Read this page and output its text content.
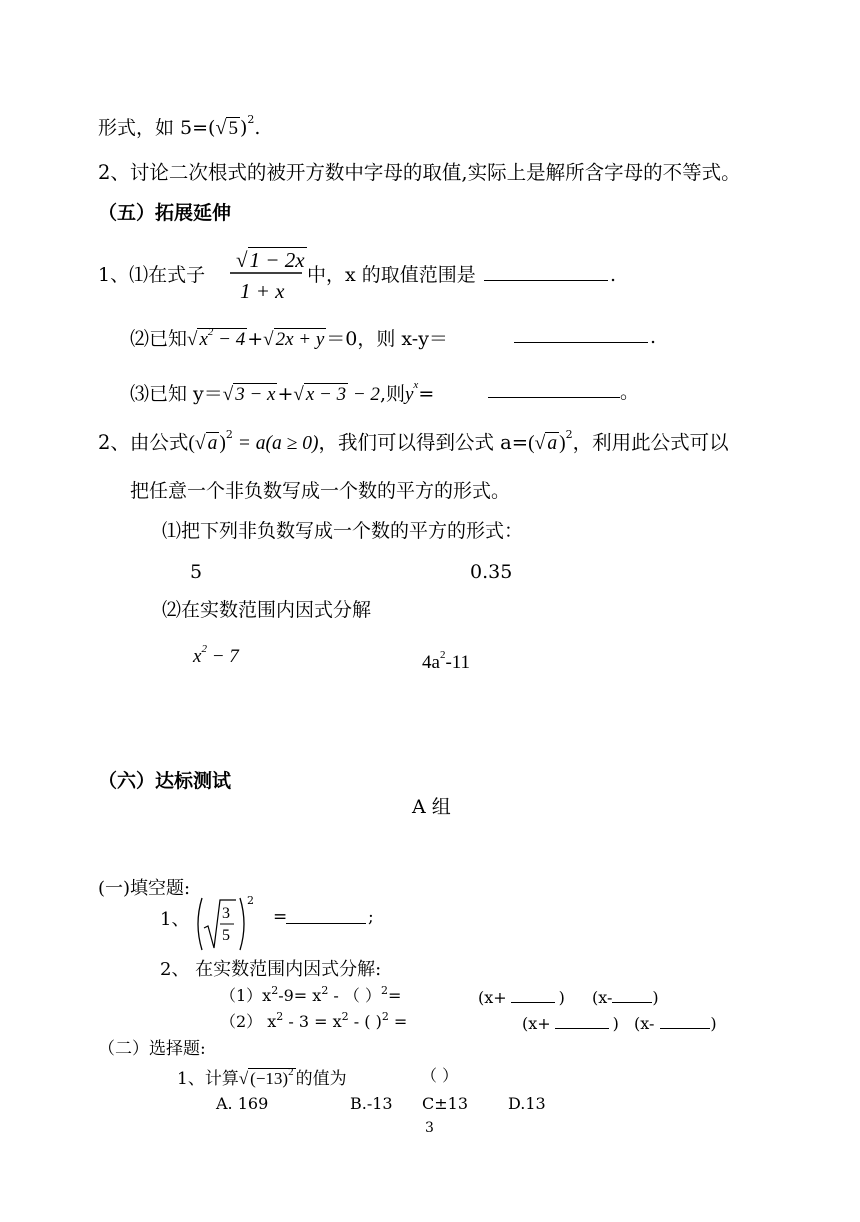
形式，如 5=(√ 5 )$^2$.
2、讨论二次根式的被开方数中字母的取值,实际上是解所含字母的不等式。
（五）拓展延伸
1、⑴在式子
√1 − 2x
1 + x
中，x 的取值范围是	.
⑵已知√ $x^2 - 4$ +√ 2x + y ＝0，则 x-y＝	.
⑶已知 y＝√ 3 − x +√ x − 3 − 2,则$y^x=$	。
2、由公式(√ a )$^2$ = a(a ≥ 0)，我们可以得到公式 a=(√ a )$^2$，利用此公式可以
把任意一个非负数写成一个数的平方的形式。
⑴把下列非负数写成一个数的平方的形式：
5	0.35
⑵在实数范围内因式分解
$x^2 - 7$	$4a^2-11$
（六）达标测试
A 组
(一)填空题:
1、 3
5
2
=	;
2、 在实数范围内因式分解:
$(1)x^2-9= x^2$ - （ ）$^2$=	(x+	) (x-	)
（2） $x^2 - 3 = x^2$ - ( )$^2$ =	(x+	) (x-	)
（二）选择题:
1、计算√ $(-13)^2$ 的值为	（ ）
A. 169	B.-13 C±13 D.13
3
